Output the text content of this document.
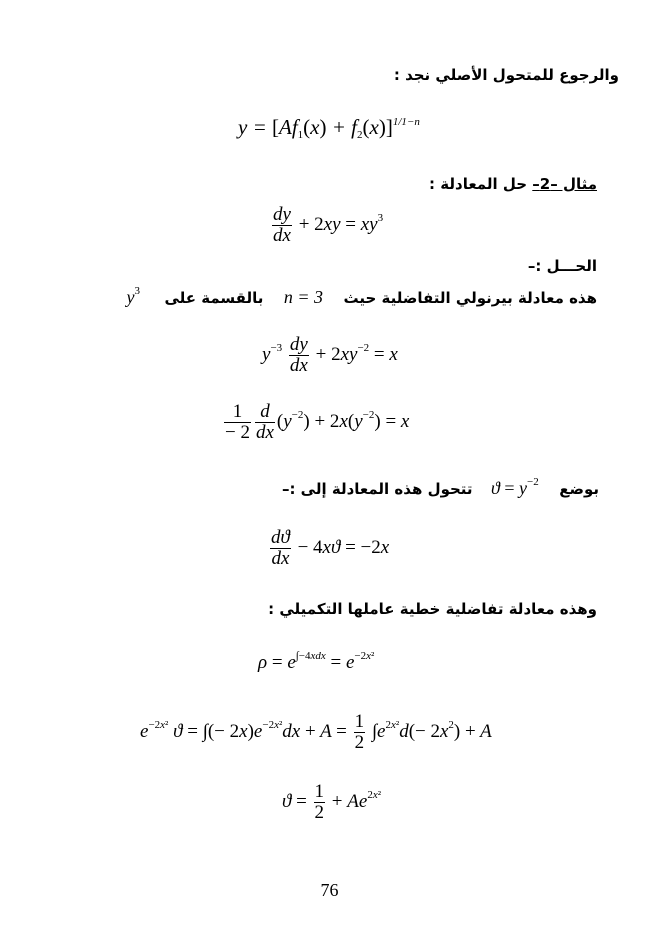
والرجوع للمتحول الأصلي نجد :
$y = [Af_1(x) + f_2(x)]^{1/1-n}$
مثال –2– حل المعادلة :
$\frac{dy}{dx} + 2xy = xy^3$
الحـــل :–
هذه معادلة بيرنولي التفاضلية حيث  n = 3  بالقسمة على  $y^3$
$y^{-3} \frac{dy}{dx} + 2xy^{-2} = x$
$\frac{1}{- 2} \frac{d}{dx} (y^{-2}) + 2x(y^{-2}) = x$
بوضع  $ϑ = y^{-2}$  تتحول هذه المعادلة إلى :–
$\frac{dϑ}{dx} - 4xϑ = -2x$
وهذه معادلة تفاضلية خطية عاملها التكميلي :
$\rho = e^{\int-4xdx} = e^{-2x^2}$
$e^{-2x^2}$ ϑ = ∫(− $2x)e^{-2x^2}dx + A = \frac{1}{2} \int e^{2x^2}d(- 2x^2) + A$
$ϑ = \frac{1}{2} + Ae^{2x^2}$
76
